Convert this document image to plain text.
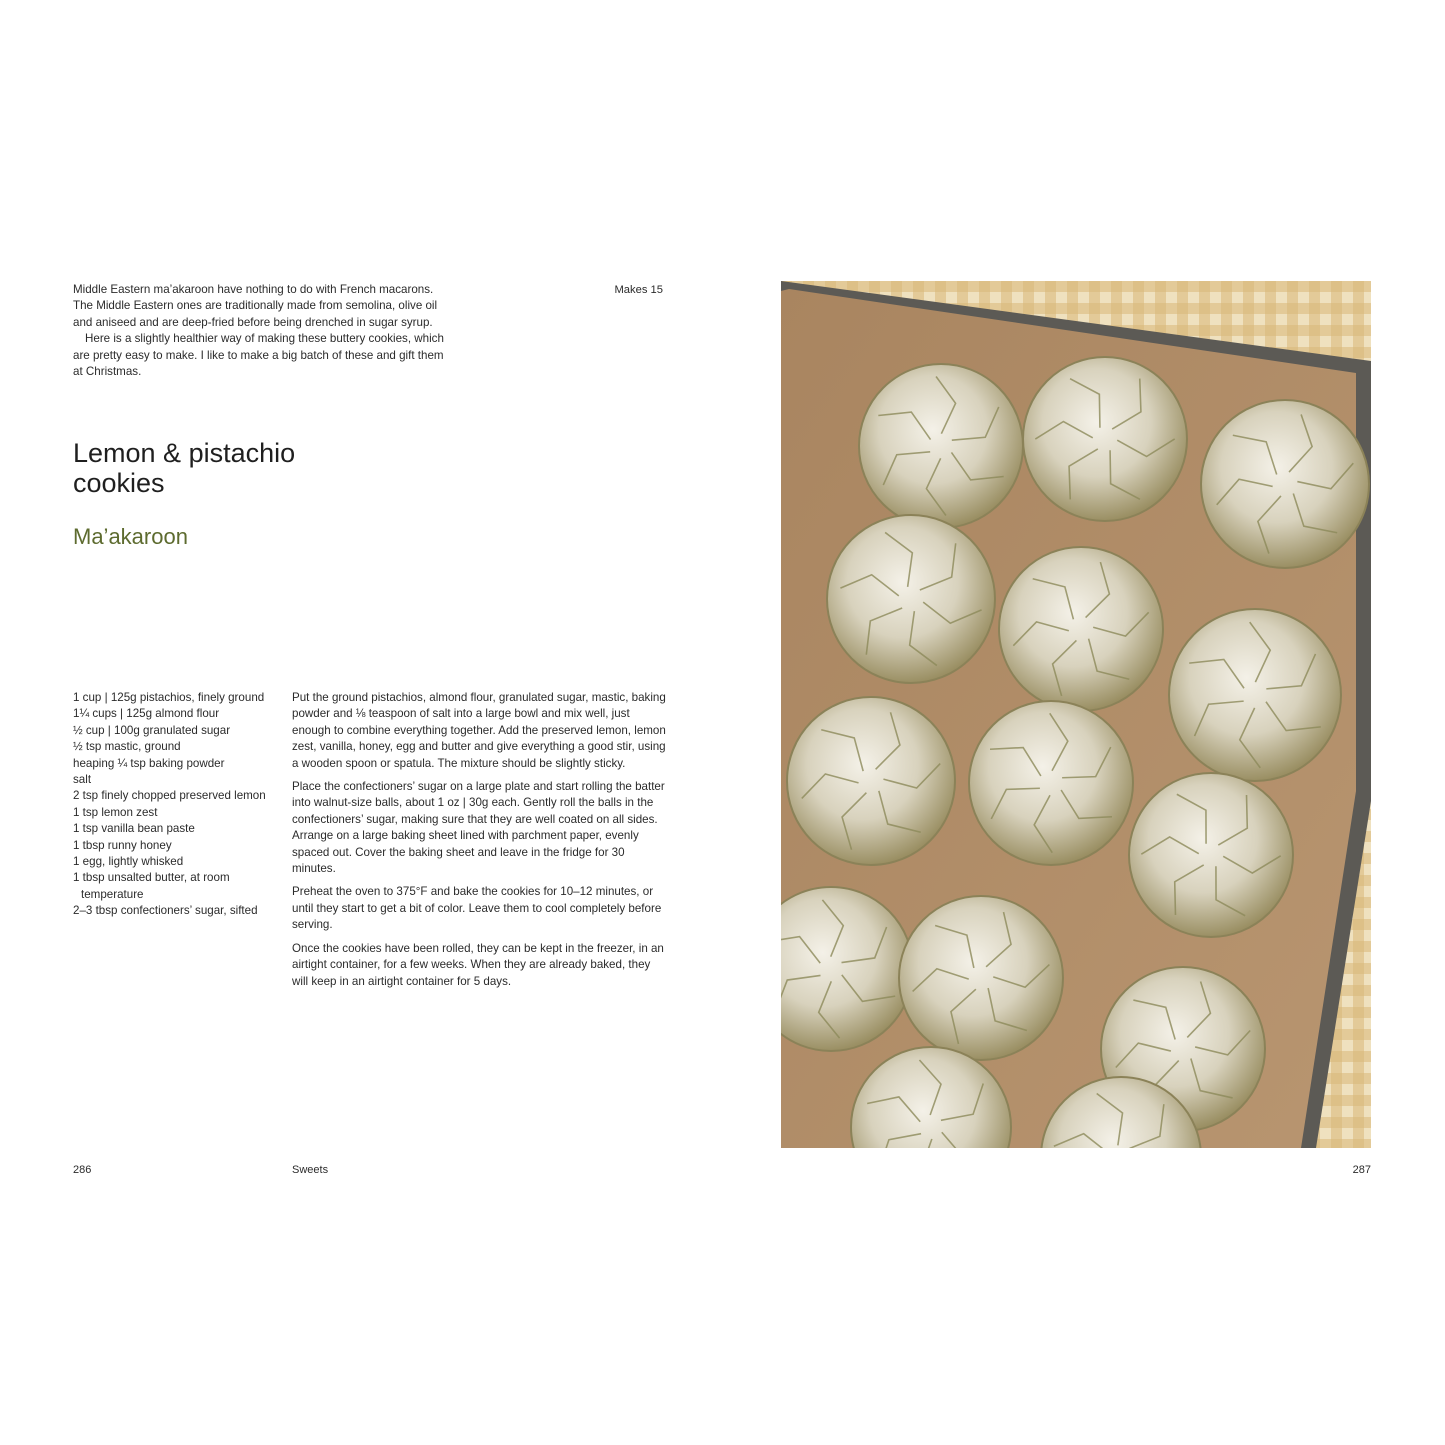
Middle Eastern ma’akaroon have nothing to do with French macarons. The Middle Eastern ones are traditionally made from semolina, olive oil and aniseed and are deep-fried before being drenched in sugar syrup.

Here is a slightly healthier way of making these buttery cookies, which are pretty easy to make. I like to make a big batch of these and gift them at Christmas.

Makes 15
Lemon & pistachio
cookies
Ma’akaroon
1 cup | 125g pistachios, finely ground
1¼ cups | 125g almond flour
½ cup | 100g granulated sugar
½ tsp mastic, ground
heaping ¼ tsp baking powder
salt
2 tsp finely chopped preserved lemon
1 tsp lemon zest
1 tsp vanilla bean paste
1 tbsp runny honey
1 egg, lightly whisked
1 tbsp unsalted butter, at room temperature
2–3 tbsp confectioners’ sugar, sifted

Put the ground pistachios, almond flour, granulated sugar, mastic, baking powder and ⅛ teaspoon of salt into a large bowl and mix well, just enough to combine everything together. Add the preserved lemon, lemon zest, vanilla, honey, egg and butter and give everything a good stir, using a wooden spoon or spatula. The mixture should be slightly sticky.

Place the confectioners’ sugar on a large plate and start rolling the batter into walnut-size balls, about 1 oz | 30g each. Gently roll the balls in the confectioners’ sugar, making sure that they are well coated on all sides. Arrange on a large baking sheet lined with parchment paper, evenly spaced out. Cover the baking sheet and leave in the fridge for 30 minutes.

Preheat the oven to 375°F and bake the cookies for 10–12 minutes, or until they start to get a bit of color. Leave them to cool completely before serving.

Once the cookies have been rolled, they can be kept in the freezer, in an airtight container, for a few weeks. When they are already baked, they will keep in an airtight container for 5 days.

286	Sweets	287
